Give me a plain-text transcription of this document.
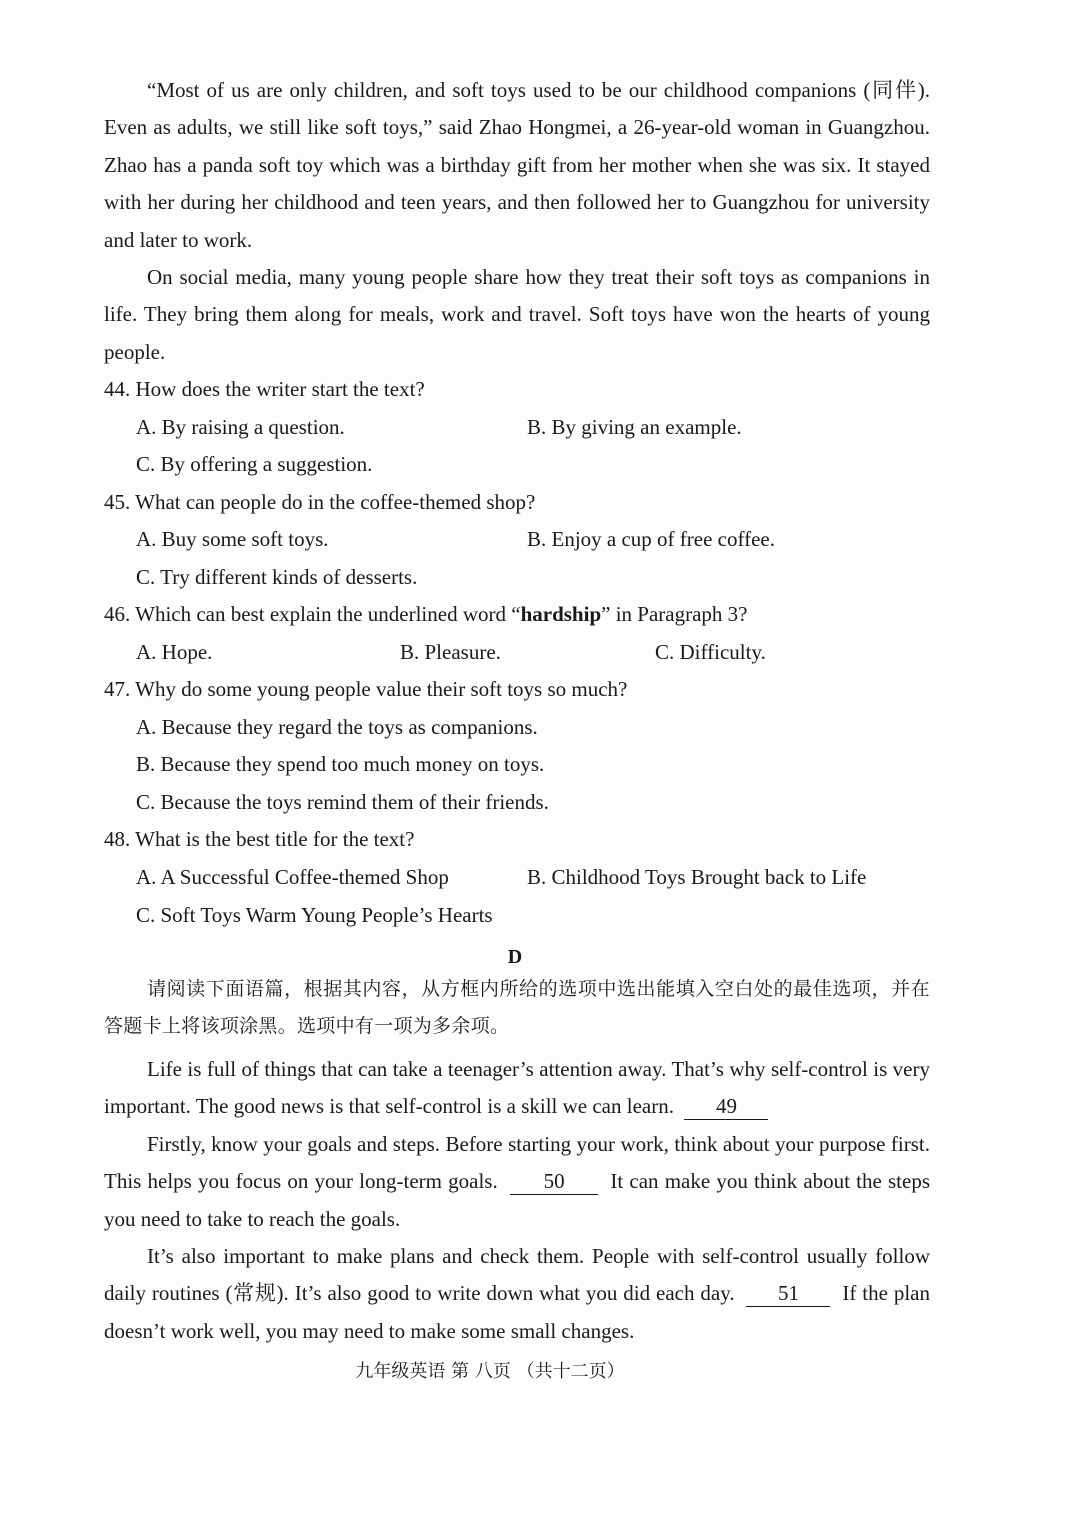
“Most of us are only children, and soft toys used to be our childhood companions (同伴). Even as adults, we still like soft toys,” said Zhao Hongmei, a 26-year-old woman in Guangzhou. Zhao has a panda soft toy which was a birthday gift from her mother when she was six. It stayed with her during her childhood and teen years, and then followed her to Guangzhou for university and later to work.

On social media, many young people share how they treat their soft toys as companions in life. They bring them along for meals, work and travel. Soft toys have won the hearts of young people.

44. How does the writer start the text?
A. By raising a question.	B. By giving an example.
C. By offering a suggestion.
45. What can people do in the coffee-themed shop?
A. Buy some soft toys.	B. Enjoy a cup of free coffee.
C. Try different kinds of desserts.
46. Which can best explain the underlined word “hardship” in Paragraph 3?
A. Hope.	B. Pleasure.	C. Difficulty.
47. Why do some young people value their soft toys so much?
A. Because they regard the toys as companions.
B. Because they spend too much money on toys.
C. Because the toys remind them of their friends.
48. What is the best title for the text?
A. A Successful Coffee-themed Shop	B. Childhood Toys Brought back to Life
C. Soft Toys Warm Young People’s Hearts
D

请阅读下面语篇，根据其内容，从方框内所给的选项中选出能填入空白处的最佳选项，并在答题卡上将该项涂黑。选项中有一项为多余项。

Life is full of things that can take a teenager’s attention away. That’s why self-control is very important. The good news is that self-control is a skill we can learn. 49

Firstly, know your goals and steps. Before starting your work, think about your purpose first. This helps you focus on your long-term goals. 50 It can make you think about the steps you need to take to reach the goals.

It’s also important to make plans and check them. People with self-control usually follow daily routines (常规). It’s also good to write down what you did each day. 51 If the plan doesn’t work well, you may need to make some small changes.

九年级英语 第 八页 （共十二页）
